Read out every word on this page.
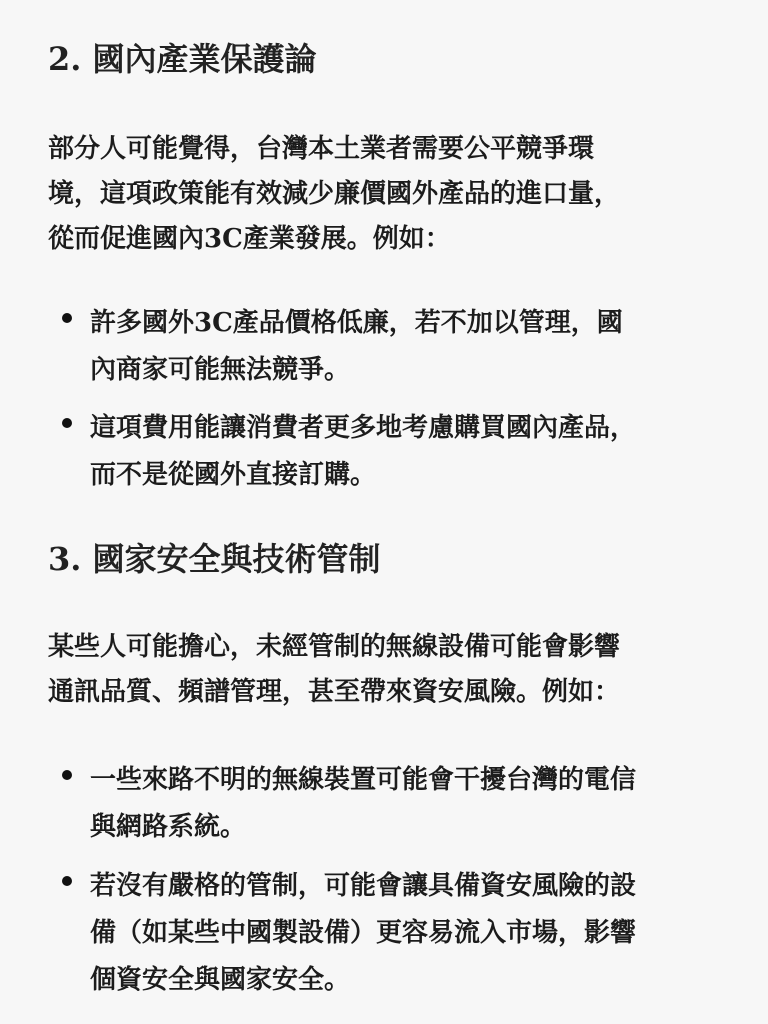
2. 國內產業保護論

部分人可能覺得，台灣本土業者需要公平競爭環
境，這項政策能有效減少廉價國外產品的進口量，
從而促進國內3C產業發展。例如：

許多國外3C產品價格低廉，若不加以管理，國
內商家可能無法競爭。
這項費用能讓消費者更多地考慮購買國內產品，
而不是從國外直接訂購。
3. 國家安全與技術管制

某些人可能擔心，未經管制的無線設備可能會影響
通訊品質、頻譜管理，甚至帶來資安風險。例如：

一些來路不明的無線裝置可能會干擾台灣的電信
與網路系統。
若沒有嚴格的管制，可能會讓具備資安風險的設
備（如某些中國製設備）更容易流入市場，影響
個資安全與國家安全。
